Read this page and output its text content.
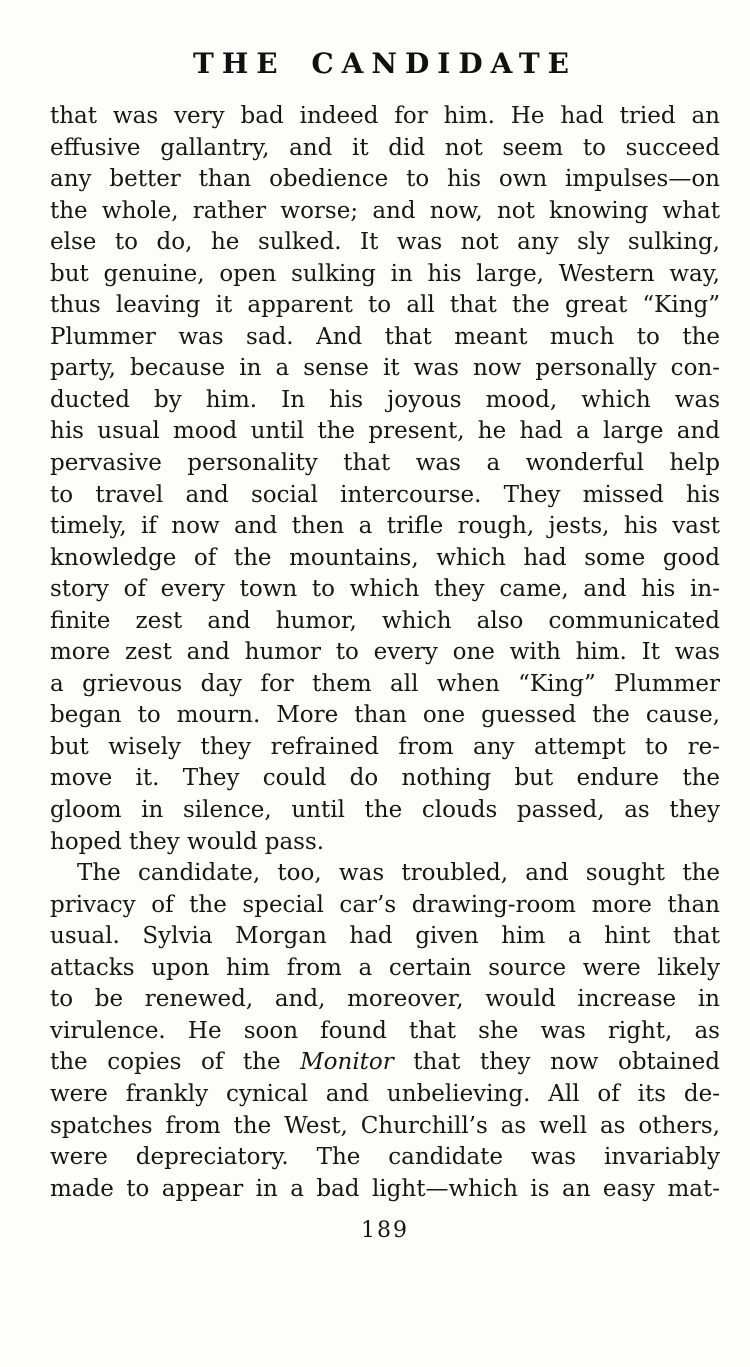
THE CANDIDATE
that was very bad indeed for him. He had tried an
effusive gallantry, and it did not seem to succeed
any better than obedience to his own impulses—on
the whole, rather worse; and now, not knowing what
else to do, he sulked. It was not any sly sulking,
but genuine, open sulking in his large, Western way,
thus leaving it apparent to all that the great “King”
Plummer was sad. And that meant much to the
party, because in a sense it was now personally con-
ducted by him. In his joyous mood, which was
his usual mood until the present, he had a large and
pervasive personality that was a wonderful help
to travel and social intercourse. They missed his
timely, if now and then a trifle rough, jests, his vast
knowledge of the mountains, which had some good
story of every town to which they came, and his in-
finite zest and humor, which also communicated
more zest and humor to every one with him. It was
a grievous day for them all when “King” Plummer
began to mourn. More than one guessed the cause,
but wisely they refrained from any attempt to re-
move it. They could do nothing but endure the
gloom in silence, until the clouds passed, as they
hoped they would pass.
The candidate, too, was troubled, and sought the
privacy of the special car’s drawing-room more than
usual. Sylvia Morgan had given him a hint that
attacks upon him from a certain source were likely
to be renewed, and, moreover, would increase in
virulence. He soon found that she was right, as
the copies of the Monitor that they now obtained
were frankly cynical and unbelieving. All of its de-
spatches from the West, Churchill’s as well as others,
were depreciatory. The candidate was invariably
made to appear in a bad light—which is an easy mat-
189
